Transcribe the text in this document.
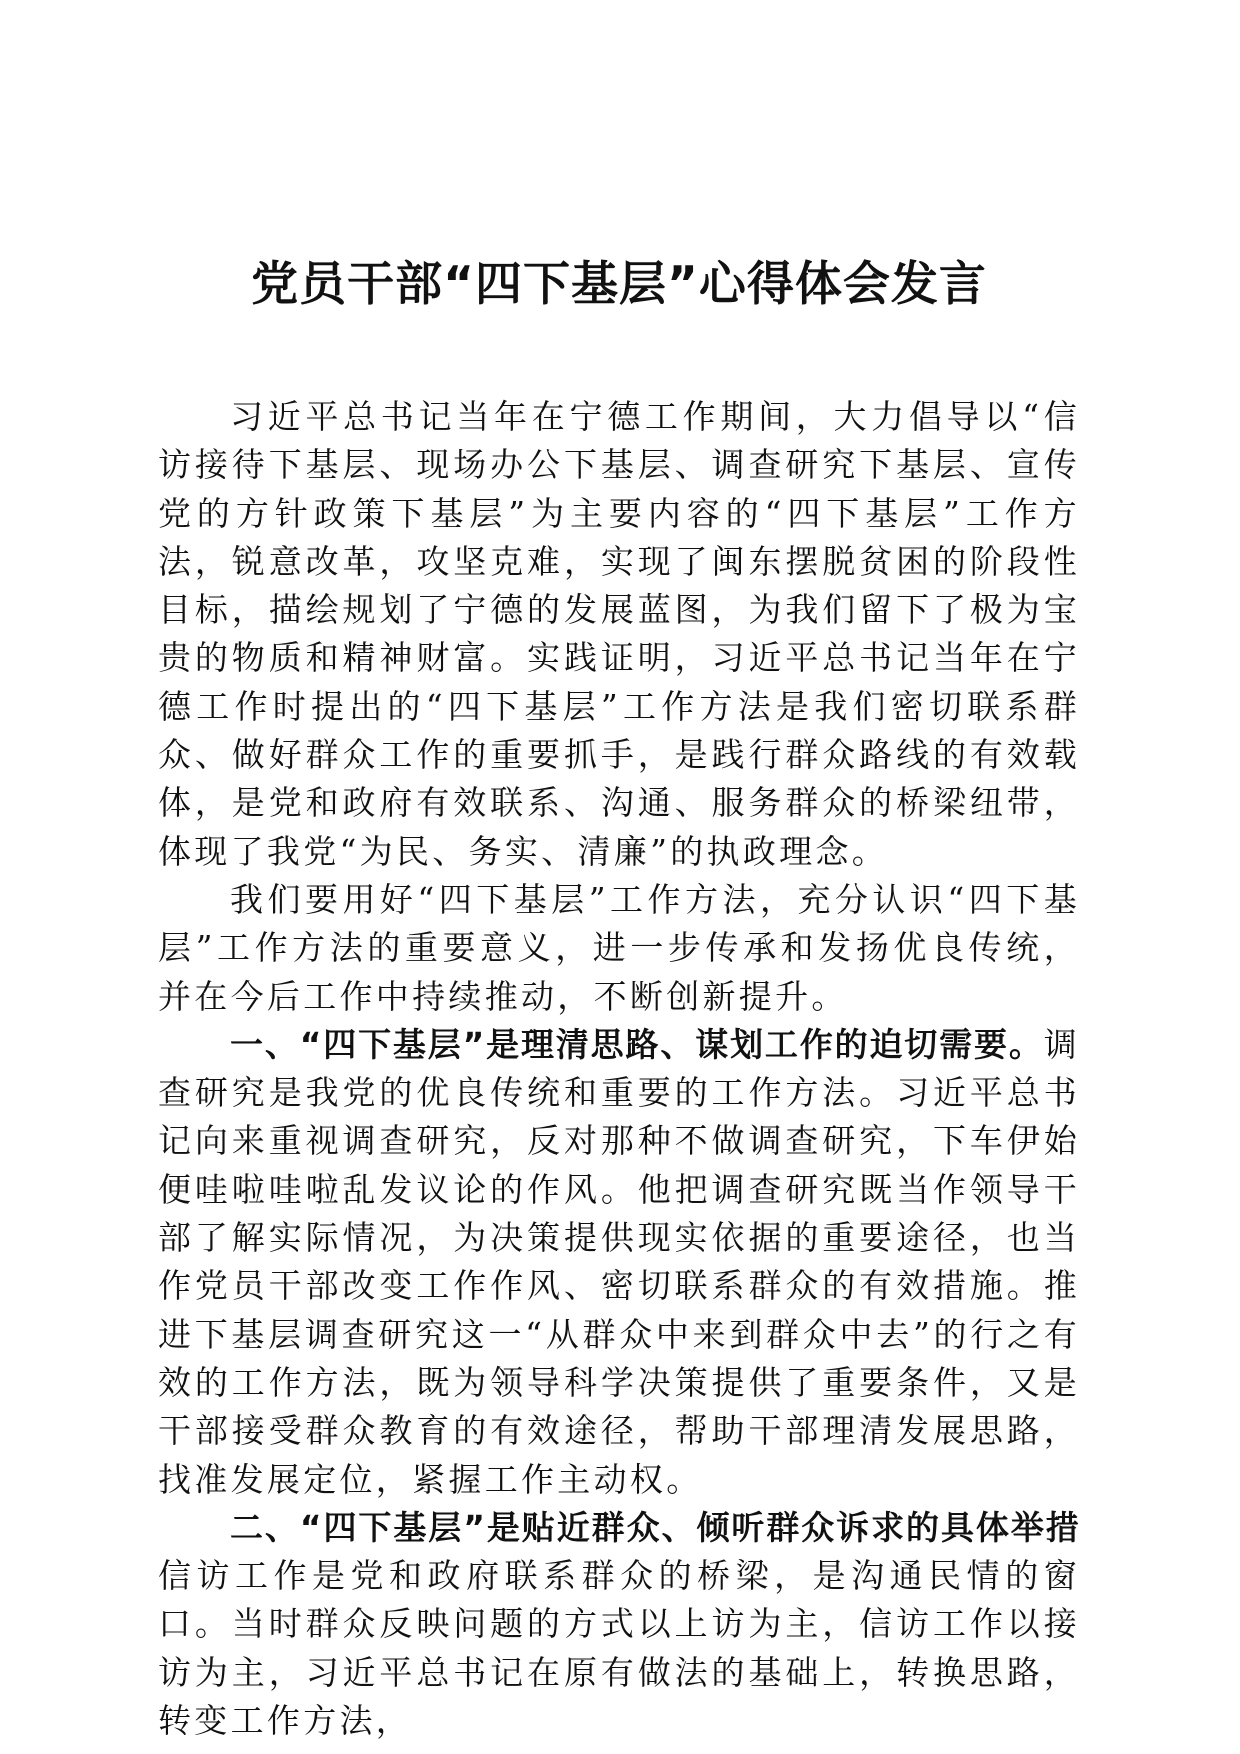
党员干部“四下基层”心得体会发言

习近平总书记当年在宁德工作期间，大力倡导以“信访接待下基层、现场办公下基层、调查研究下基层、宣传党的方针政策下基层”为主要内容的“四下基层”工作方法，锐意改革，攻坚克难，实现了闽东摆脱贫困的阶段性目标，描绘规划了宁德的发展蓝图，为我们留下了极为宝贵的物质和精神财富。实践证明，习近平总书记当年在宁德工作时提出的“四下基层”工作方法是我们密切联系群众、做好群众工作的重要抓手，是践行群众路线的有效载体，是党和政府有效联系、沟通、服务群众的桥梁纽带，体现了我党“为民、务实、清廉”的执政理念。

我们要用好“四下基层”工作方法，充分认识“四下基层”工作方法的重要意义，进一步传承和发扬优良传统，并在今后工作中持续推动，不断创新提升。

一、“四下基层”是理清思路、谋划工作的迫切需要。调查研究是我党的优良传统和重要的工作方法。习近平总书记向来重视调查研究，反对那种不做调查研究，下车伊始便哇啦哇啦乱发议论的作风。他把调查研究既当作领导干部了解实际情况，为决策提供现实依据的重要途径，也当作党员干部改变工作作风、密切联系群众的有效措施。推进下基层调查研究这一“从群众中来到群众中去”的行之有效的工作方法，既为领导科学决策提供了重要条件，又是干部接受群众教育的有效途径，帮助干部理清发展思路，找准发展定位，紧握工作主动权。

二、“四下基层”是贴近群众、倾听群众诉求的具体举措信访工作是党和政府联系群众的桥梁，是沟通民情的窗口。当时群众反映问题的方式以上访为主，信访工作以接访为主，习近平总书记在原有做法的基础上，转换思路，转变工作方法，
